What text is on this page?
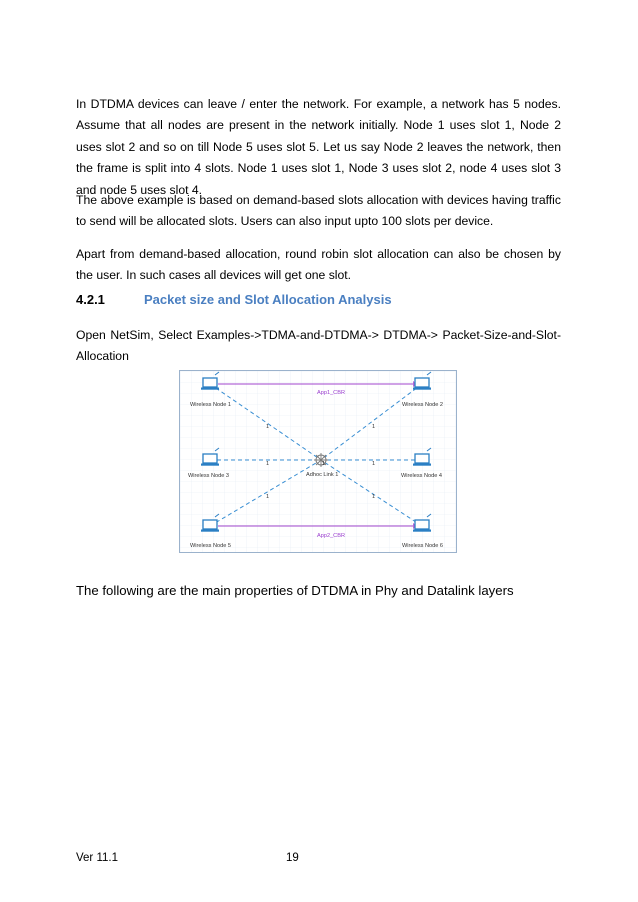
In DTDMA devices can leave / enter the network. For example, a network has 5 nodes. Assume that all nodes are present in the network initially. Node 1 uses slot 1, Node 2 uses slot 2 and so on till Node 5 uses slot 5. Let us say Node 2 leaves the network, then the frame is split into 4 slots. Node 1 uses slot 1, Node 3 uses slot 2, node 4 uses slot 3 and node 5 uses slot 4.
The above example is based on demand-based slots allocation with devices having traffic to send will be allocated slots. Users can also input upto 100 slots per device.
Apart from demand-based allocation, round robin slot allocation can also be chosen by the user. In such cases all devices will get one slot.
4.2.1	Packet size and Slot Allocation Analysis
Open NetSim, Select Examples->TDMA-and-DTDMA-> DTDMA-> Packet-Size-and-Slot-Allocation
Wireless Node 1	Wireless Node 2
Wireless Node 3	Wireless Node 4
Wireless Node 5	Wireless Node 6
Adhoc Link 1
App1_CBR
App2_CBR
1	1
1	1
1	1
1
The following are the main properties of DTDMA in Phy and Datalink layers
Ver 11.1	19
